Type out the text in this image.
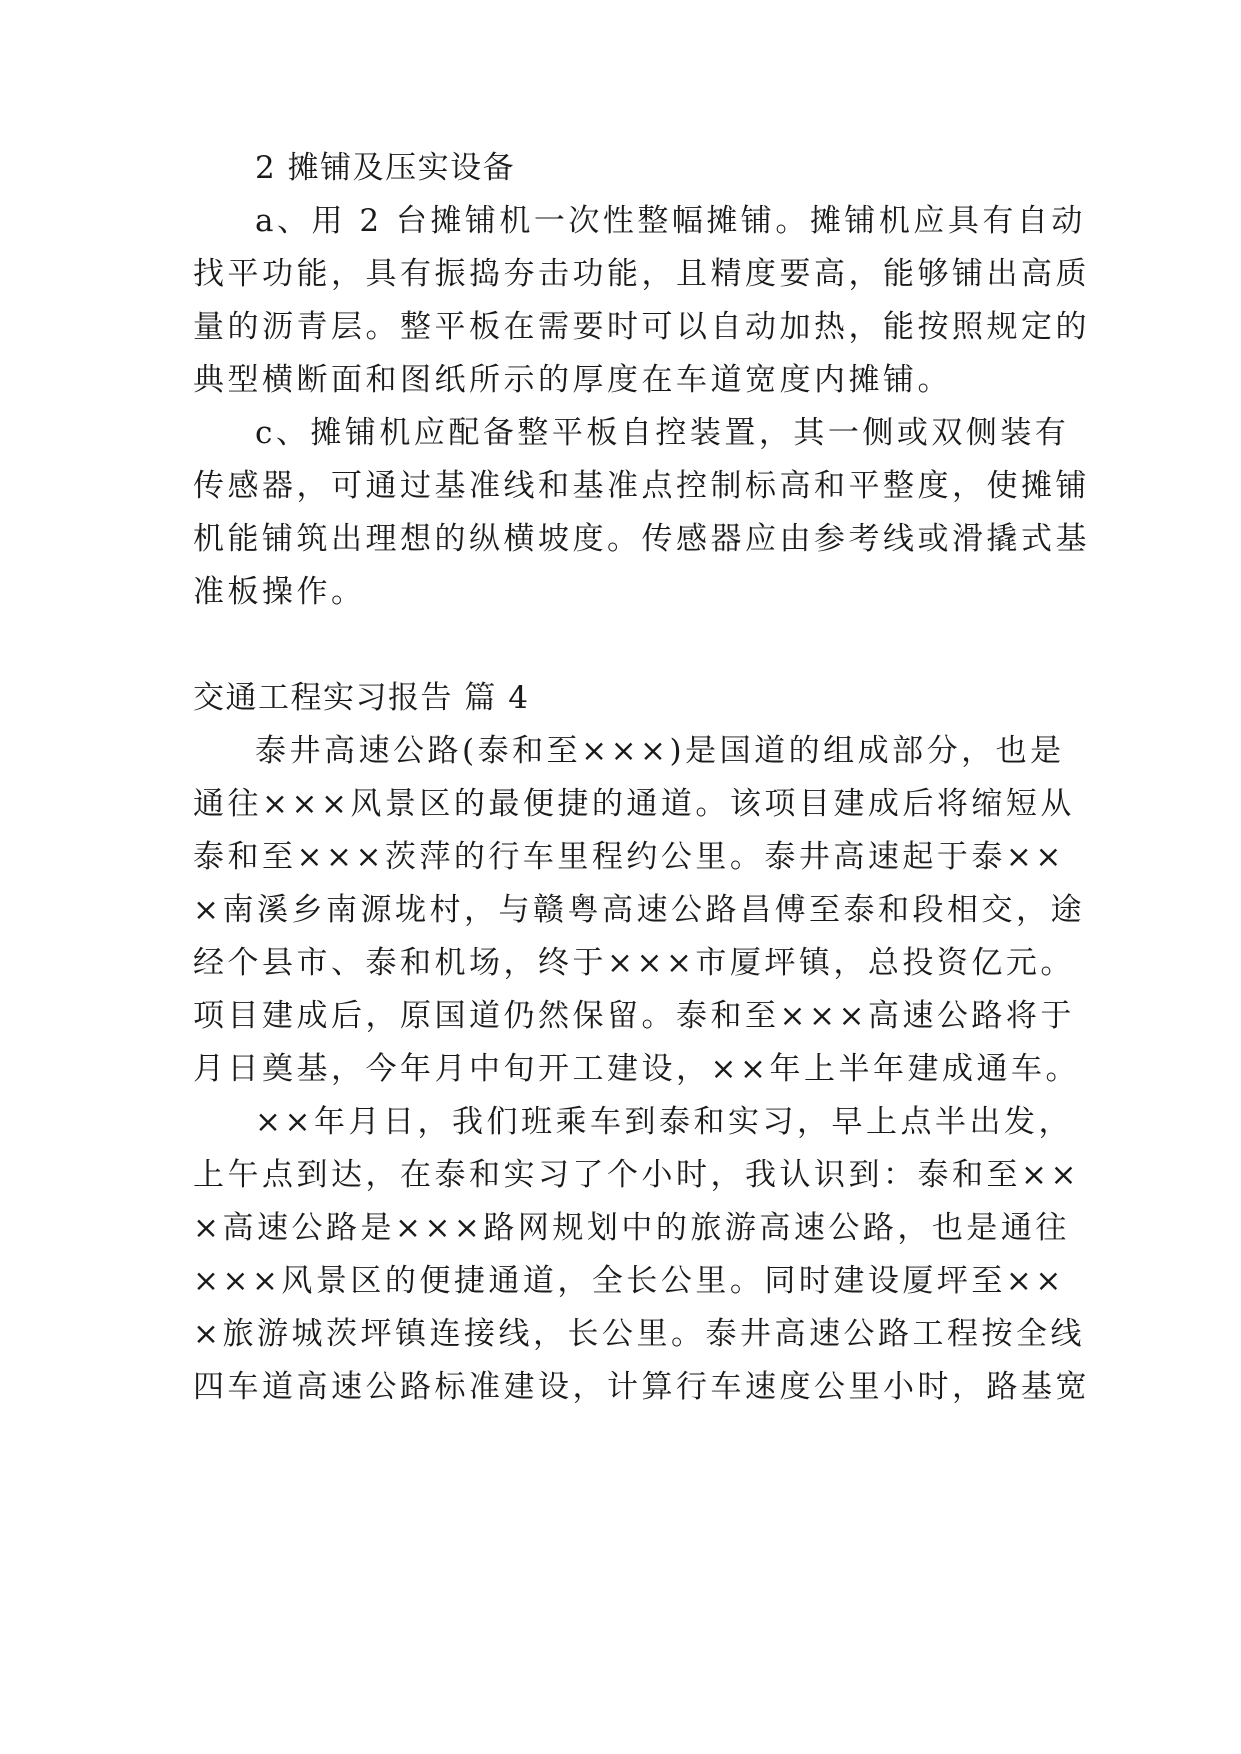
2 摊铺及压实设备
a、用 2 台摊铺机一次性整幅摊铺。摊铺机应具有自动
找平功能，具有振捣夯击功能，且精度要高，能够铺出高质
量的沥青层。整平板在需要时可以自动加热，能按照规定的
典型横断面和图纸所示的厚度在车道宽度内摊铺。
c、摊铺机应配备整平板自控装置，其一侧或双侧装有
传感器，可通过基准线和基准点控制标高和平整度，使摊铺
机能铺筑出理想的纵横坡度。传感器应由参考线或滑撬式基
准板操作。
交通工程实习报告 篇 4
泰井高速公路(泰和至×××)是国道的组成部分，也是
通往×××风景区的最便捷的通道。该项目建成后将缩短从
泰和至×××茨萍的行车里程约公里。泰井高速起于泰××
×南溪乡南源垅村，与赣粤高速公路昌傅至泰和段相交，途
经个县市、泰和机场，终于×××市厦坪镇，总投资亿元。
项目建成后，原国道仍然保留。泰和至×××高速公路将于
月日奠基，今年月中旬开工建设，××年上半年建成通车。
××年月日，我们班乘车到泰和实习，早上点半出发，
上午点到达，在泰和实习了个小时，我认识到：泰和至××
×高速公路是×××路网规划中的旅游高速公路，也是通往
×××风景区的便捷通道，全长公里。同时建设厦坪至××
×旅游城茨坪镇连接线，长公里。泰井高速公路工程按全线
四车道高速公路标准建设，计算行车速度公里小时，路基宽
